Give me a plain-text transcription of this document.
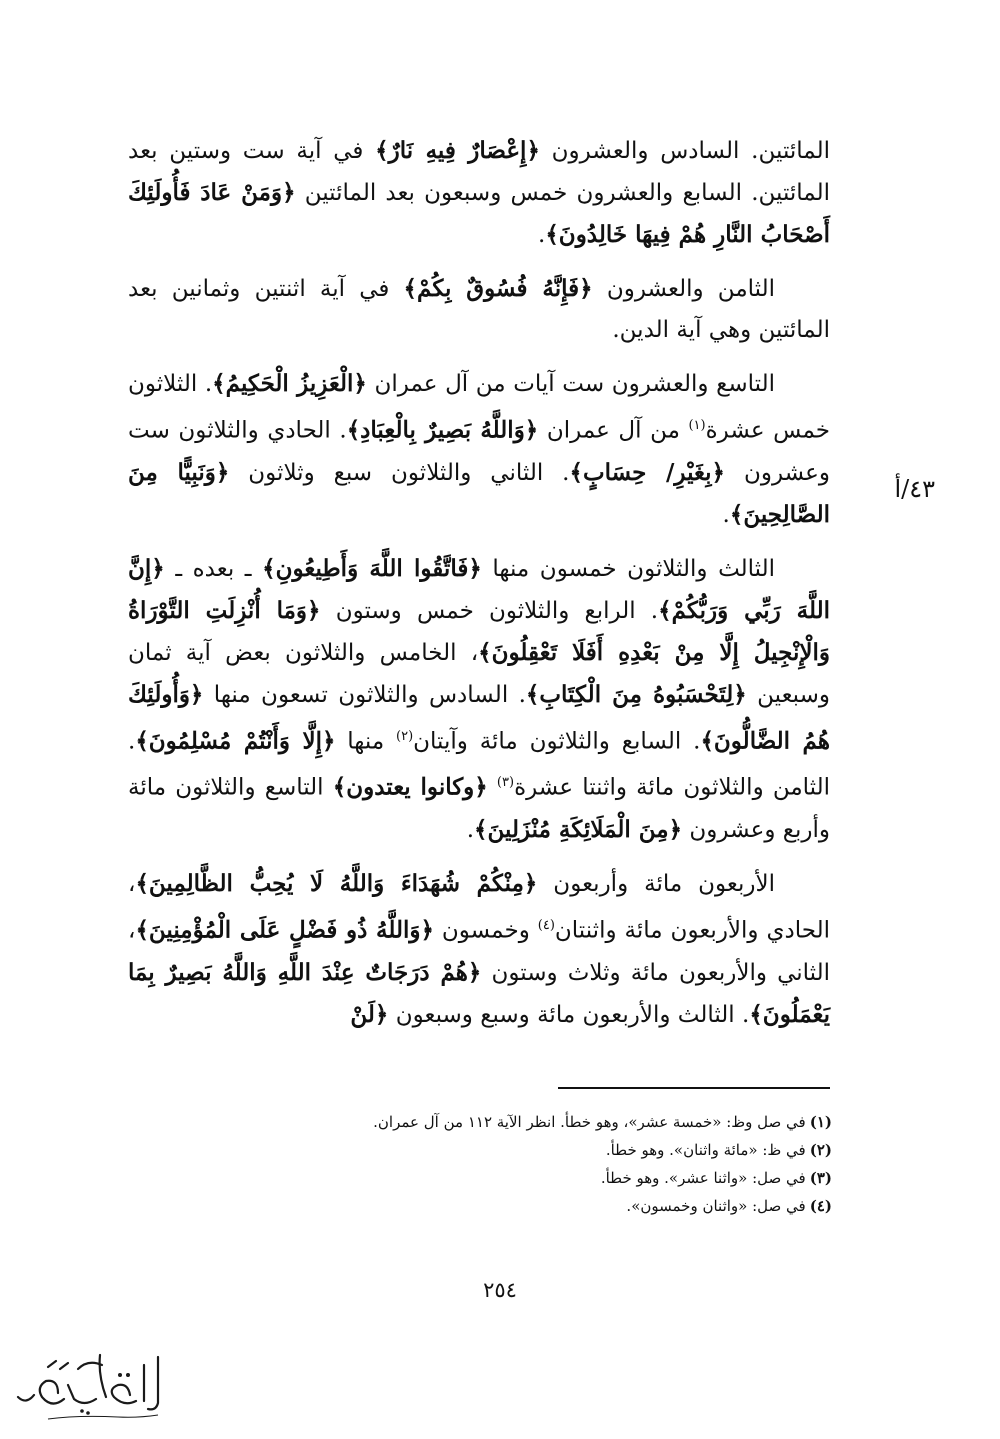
المائتين. السادس والعشرون ﴿إِعْصَارٌ فِيهِ نَارٌ﴾ في آية ست وستين بعد المائتين. السابع والعشرون خمس وسبعون بعد المائتين ﴿وَمَنْ عَادَ فَأُولَئِكَ أَصْحَابُ النَّارِ هُمْ فِيهَا خَالِدُونَ﴾.

الثامن والعشرون ﴿فَإِنَّهُ فُسُوقٌ بِكُمْ﴾ في آية اثنتين وثمانين بعد المائتين وهي آية الدين.

التاسع والعشرون ست آيات من آل عمران ﴿الْعَزِيزُ الْحَكِيمُ﴾. الثلاثون خمس عشرة$^{(١)}$ من آل عمران ﴿وَاللَّهُ بَصِيرٌ بِالْعِبَادِ﴾. الحادي والثلاثون ست وعشرون ﴿بِغَيْرِ/ حِسَابٍ﴾. الثاني والثلاثون سبع وثلاثون ﴿وَنَبِيًّا مِنَ الصَّالِحِينَ﴾.

الثالث والثلاثون خمسون منها ﴿فَاتَّقُوا اللَّهَ وَأَطِيعُونِ﴾ ـ بعده ـ ﴿إِنَّ اللَّهَ رَبِّي وَرَبُّكُمْ﴾. الرابع والثلاثون خمس وستون ﴿وَمَا أُنْزِلَتِ التَّوْرَاةُ وَالْإِنْجِيلُ إِلَّا مِنْ بَعْدِهِ أَفَلَا تَعْقِلُونَ﴾، الخامس والثلاثون بعض آية ثمان وسبعين ﴿لِتَحْسَبُوهُ مِنَ الْكِتَابِ﴾. السادس والثلاثون تسعون منها ﴿وَأُولَئِكَ هُمُ الضَّالُّونَ﴾. السابع والثلاثون مائة وآيتان$^{(٢)}$ منها ﴿إِلَّا وَأَنْتُمْ مُسْلِمُونَ﴾. الثامن والثلاثون مائة واثنتا عشرة$^{(٣)}$ ﴿وكانوا يعتدون﴾ التاسع والثلاثون مائة وأربع وعشرون ﴿مِنَ الْمَلَائِكَةِ مُنْزَلِينَ﴾.

الأربعون مائة وأربعون ﴿مِنْكُمْ شُهَدَاءَ وَاللَّهُ لَا يُحِبُّ الظَّالِمِينَ﴾، الحادي والأربعون مائة واثنتان$^{(٤)}$ وخمسون ﴿وَاللَّهُ ذُو فَضْلٍ عَلَى الْمُؤْمِنِينَ﴾، الثاني والأربعون مائة وثلاث وستون ﴿هُمْ دَرَجَاتٌ عِنْدَ اللَّهِ وَاللَّهُ بَصِيرٌ بِمَا يَعْمَلُونَ﴾. الثالث والأربعون مائة وسبع وسبعون ﴿لَنْ

٤٣/أ

(١)في صل وظ: «خمسة عشر»، وهو خطأ. انظر الآية ١١٢ من آل عمران.

(٢)في ظ: «مائة واثنان». وهو خطأ.

(٣)في صل: «واثنا عشر». وهو خطأ.

(٤)في صل: «واثنان وخمسون».

٢٥٤
